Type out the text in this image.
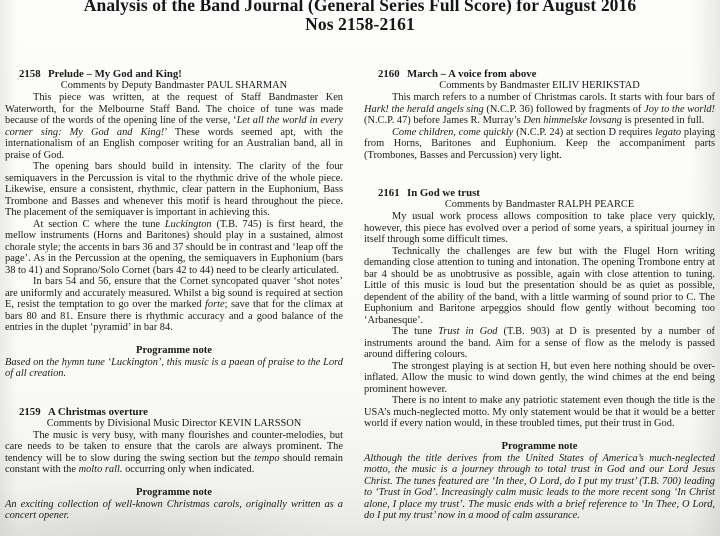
Analysis of the Band Journal (General Series Full Score) for August 2016
Nos 2158-2161
2158 Prelude – My God and King!
Comments by Deputy Bandmaster PAUL SHARMAN

This piece was written, at the request of Staff Bandmaster Ken Waterworth, for the Melbourne Staff Band. The choice of tune was made because of the words of the opening line of the verse, ‘Let all the world in every corner sing: My God and King!’ These words seemed apt, with the internationalism of an English composer writing for an Australian band, all in praise of God.

The opening bars should build in intensity. The clarity of the four semiquavers in the Percussion is vital to the rhythmic drive of the whole piece. Likewise, ensure a consistent, rhythmic, clear pattern in the Euphonium, Bass Trombone and Basses and whenever this motif is heard throughout the piece. The placement of the semiquaver is important in achieving this.

At section C where the tune Luckington (T.B. 745) is first heard, the mellow instruments (Horns and Baritones) should play in a sustained, almost chorale style; the accents in bars 36 and 37 should be in contrast and ‘leap off the page’. As in the Percussion at the opening, the semiquavers in Euphonium (bars 38 to 41) and Soprano/Solo Cornet (bars 42 to 44) need to be clearly articulated.

In bars 54 and 56, ensure that the Cornet syncopated quaver ‘shot notes’ are uniformly and accurately measured. Whilst a big sound is required at section E, resist the temptation to go over the marked forte; save that for the climax at bars 80 and 81. Ensure there is rhythmic accuracy and a good balance of the entries in the duplet ‘pyramid’ in bar 84.

Programme note

Based on the hymn tune ‘Luckington’, this music is a paean of praise to the Lord of all creation.

2159 A Christmas overture
Comments by Divisional Music Director KEVIN LARSSON

The music is very busy, with many flourishes and counter-melodies, but care needs to be taken to ensure that the carols are always prominent. The tendency will be to slow during the swing section but the tempo should remain constant with the molto rall. occurring only when indicated.

Programme note

An exciting collection of well-known Christmas carols, originally written as a concert opener.

2160 March – A voice from above
Comments by Bandmaster EILIV HERIKSTAD

This march refers to a number of Christmas carols. It starts with four bars of Hark! the herald angels sing (N.C.P. 36) followed by fragments of Joy to the world! (N.C.P. 47) before James R. Murray’s Den himmelske lovsang is presented in full.

Come children, come quickly (N.C.P. 24) at section D requires legato playing from Horns, Baritones and Euphonium. Keep the accompaniment parts (Trombones, Basses and Percussion) very light.

2161 In God we trust
Comments by Bandmaster RALPH PEARCE

My usual work process allows composition to take place very quickly, however, this piece has evolved over a period of some years, a spiritual journey in itself through some difficult times.

Technically the challenges are few but with the Flugel Horn writing demanding close attention to tuning and intonation. The opening Trombone entry at bar 4 should be as unobtrusive as possible, again with close attention to tuning. Little of this music is loud but the presentation should be as quiet as possible, dependent of the ability of the band, with a little warming of sound prior to C. The Euphonium and Baritone arpeggios should flow gently without becoming too ‘Arbanesque’.

The tune Trust in God (T.B. 903) at D is presented by a number of instruments around the band. Aim for a sense of flow as the melody is passed around differing colours.

The strongest playing is at section H, but even here nothing should be over-inflated. Allow the music to wind down gently, the wind chimes at the end being prominent however.

There is no intent to make any patriotic statement even though the title is the USA’s much-neglected motto. My only statement would be that it would be a better world if every nation would, in these troubled times, put their trust in God.

Programme note

Although the title derives from the United States of America’s much-neglected motto, the music is a journey through to total trust in God and our Lord Jesus Christ. The tunes featured are ‘In thee, O Lord, do I put my trust’ (T.B. 700) leading to ‘Trust in God’. Increasingly calm music leads to the more recent song ‘In Christ alone, I place my trust’. The music ends with a brief reference to ‘In Thee, O Lord, do I put my trust’ now in a mood of calm assurance.
